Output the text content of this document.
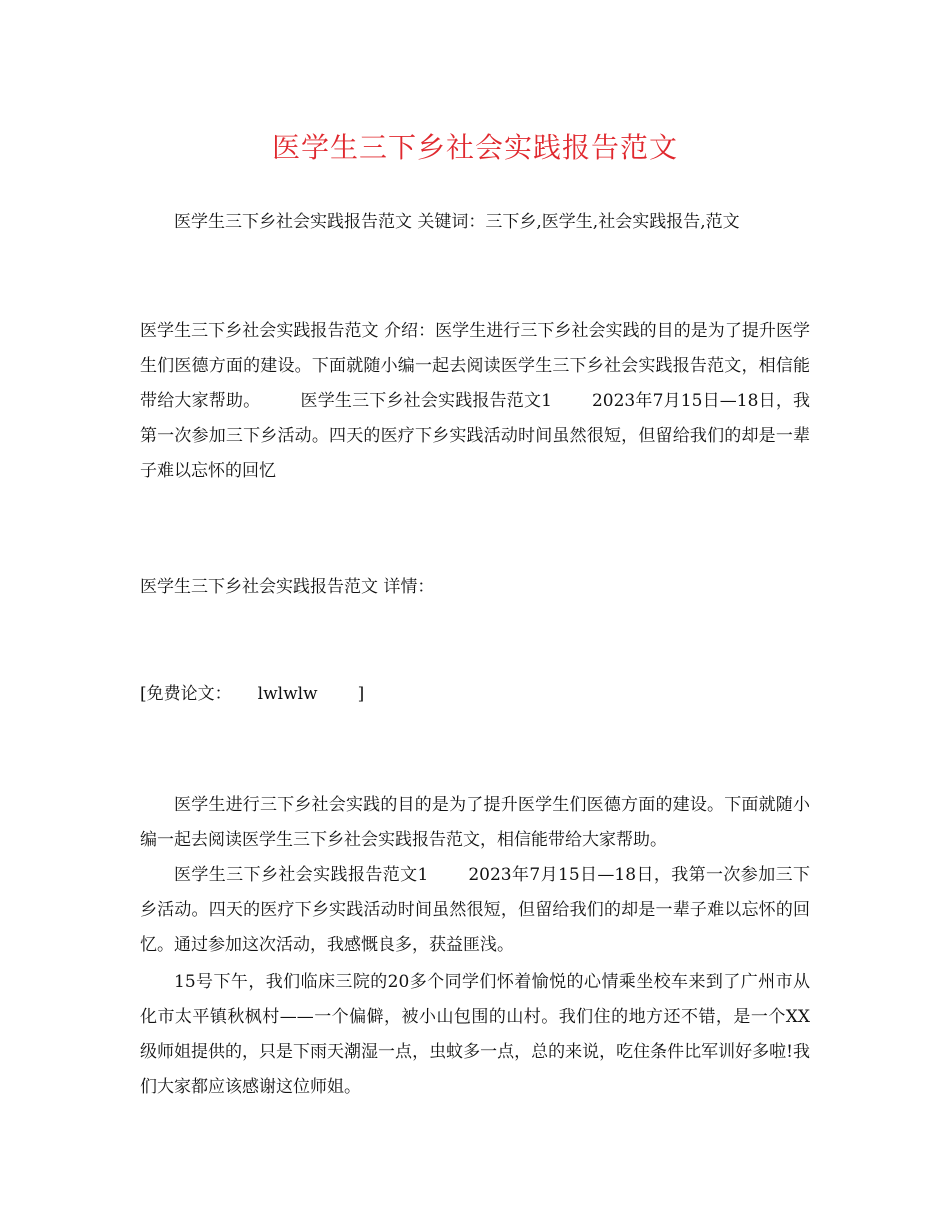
医学生三下乡社会实践报告范文

医学生三下乡社会实践报告范文 关键词：三下乡,医学生,社会实践报告,范文

医学生三下乡社会实践报告范文 介绍：医学生进行三下乡社会实践的目的是为了提升医学生们医德方面的建设。下面就随小编一起去阅读医学生三下乡社会实践报告范文，相信能带给大家帮助。 医学生三下乡社会实践报告范文1 2023年7月15日—18日，我第一次参加三下乡活动。四天的医疗下乡实践活动时间虽然很短，但留给我们的却是一辈子难以忘怀的回忆

医学生三下乡社会实践报告范文 详情：

[免费论文： lwlwlw ]

医学生进行三下乡社会实践的目的是为了提升医学生们医德方面的建设。下面就随小编一起去阅读医学生三下乡社会实践报告范文，相信能带给大家帮助。

医学生三下乡社会实践报告范文1 2023年7月15日—18日，我第一次参加三下乡活动。四天的医疗下乡实践活动时间虽然很短，但留给我们的却是一辈子难以忘怀的回忆。通过参加这次活动，我感慨良多，获益匪浅。

15号下午，我们临床三院的20多个同学们怀着愉悦的心情乘坐校车来到了广州市从化市太平镇秋枫村——一个偏僻，被小山包围的山村。我们住的地方还不错，是一个XX级师姐提供的，只是下雨天潮湿一点，虫蚊多一点，总的来说，吃住条件比军训好多啦!我们大家都应该感谢这位师姐。
